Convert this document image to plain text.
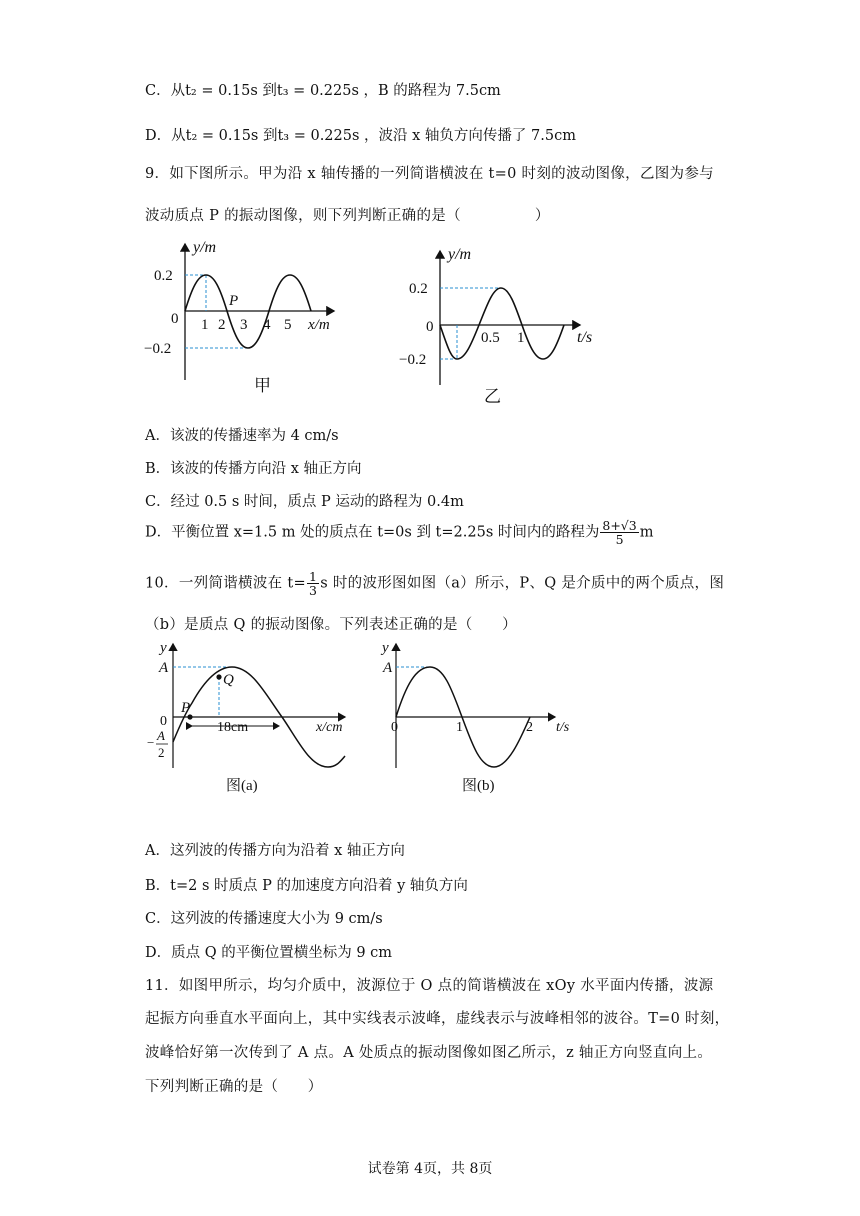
C．从t₂ = 0.15s 到t₃ = 0.225s ，B 的路程为 7.5cm
D．从t₂ = 0.15s 到t₃ = 0.225s ，波沿 x 轴负方向传播了 7.5cm
9．如下图所示。甲为沿 x 轴传播的一列简谐横波在 t=0 时刻的波动图像，乙图为参与
波动质点 P 的振动图像，则下列判断正确的是（　　　　　）
y/m
0.2
−0.2
0 1 2 3 4 5 x/m
P
甲
y/m
0.2
−0.2
0
0.5 1	t/s
乙
A．该波的传播速率为 4 cm/s
B．该波的传播方向沿 x 轴正方向
C．经过 0.5 s 时间，质点 P 运动的路程为 0.4m
D．平衡位置 x=1.5 m 处的质点在 t=0s 到 t=2.25s 时间内的路程为 $\frac{8+√3}{5}$ m
10．一列简谐横波在 $t= \frac{1}{3}$ s 时的波形图如图（a）所示，P、Q 是介质中的两个质点，图
（b）是质点 Q 的振动图像。下列表述正确的是（　　）
y
A
0
A
−
2
P
Q
18cm	x/cm
图(a)
y
A
0	1	2 t/s
图(b)
A．这列波的传播方向为沿着 x 轴正方向
B．t=2 s 时质点 P 的加速度方向沿着 y 轴负方向
C．这列波的传播速度大小为 9 cm/s
D．质点 Q 的平衡位置横坐标为 9 cm
11．如图甲所示，均匀介质中，波源位于 O 点的简谐横波在 xOy 水平面内传播，波源
起振方向垂直水平面向上，其中实线表示波峰，虚线表示与波峰相邻的波谷。T=0 时刻，
波峰恰好第一次传到了 A 点。A 处质点的振动图像如图乙所示，z 轴正方向竖直向上。
下列判断正确的是（　　）
试卷第 4页，共 8页
